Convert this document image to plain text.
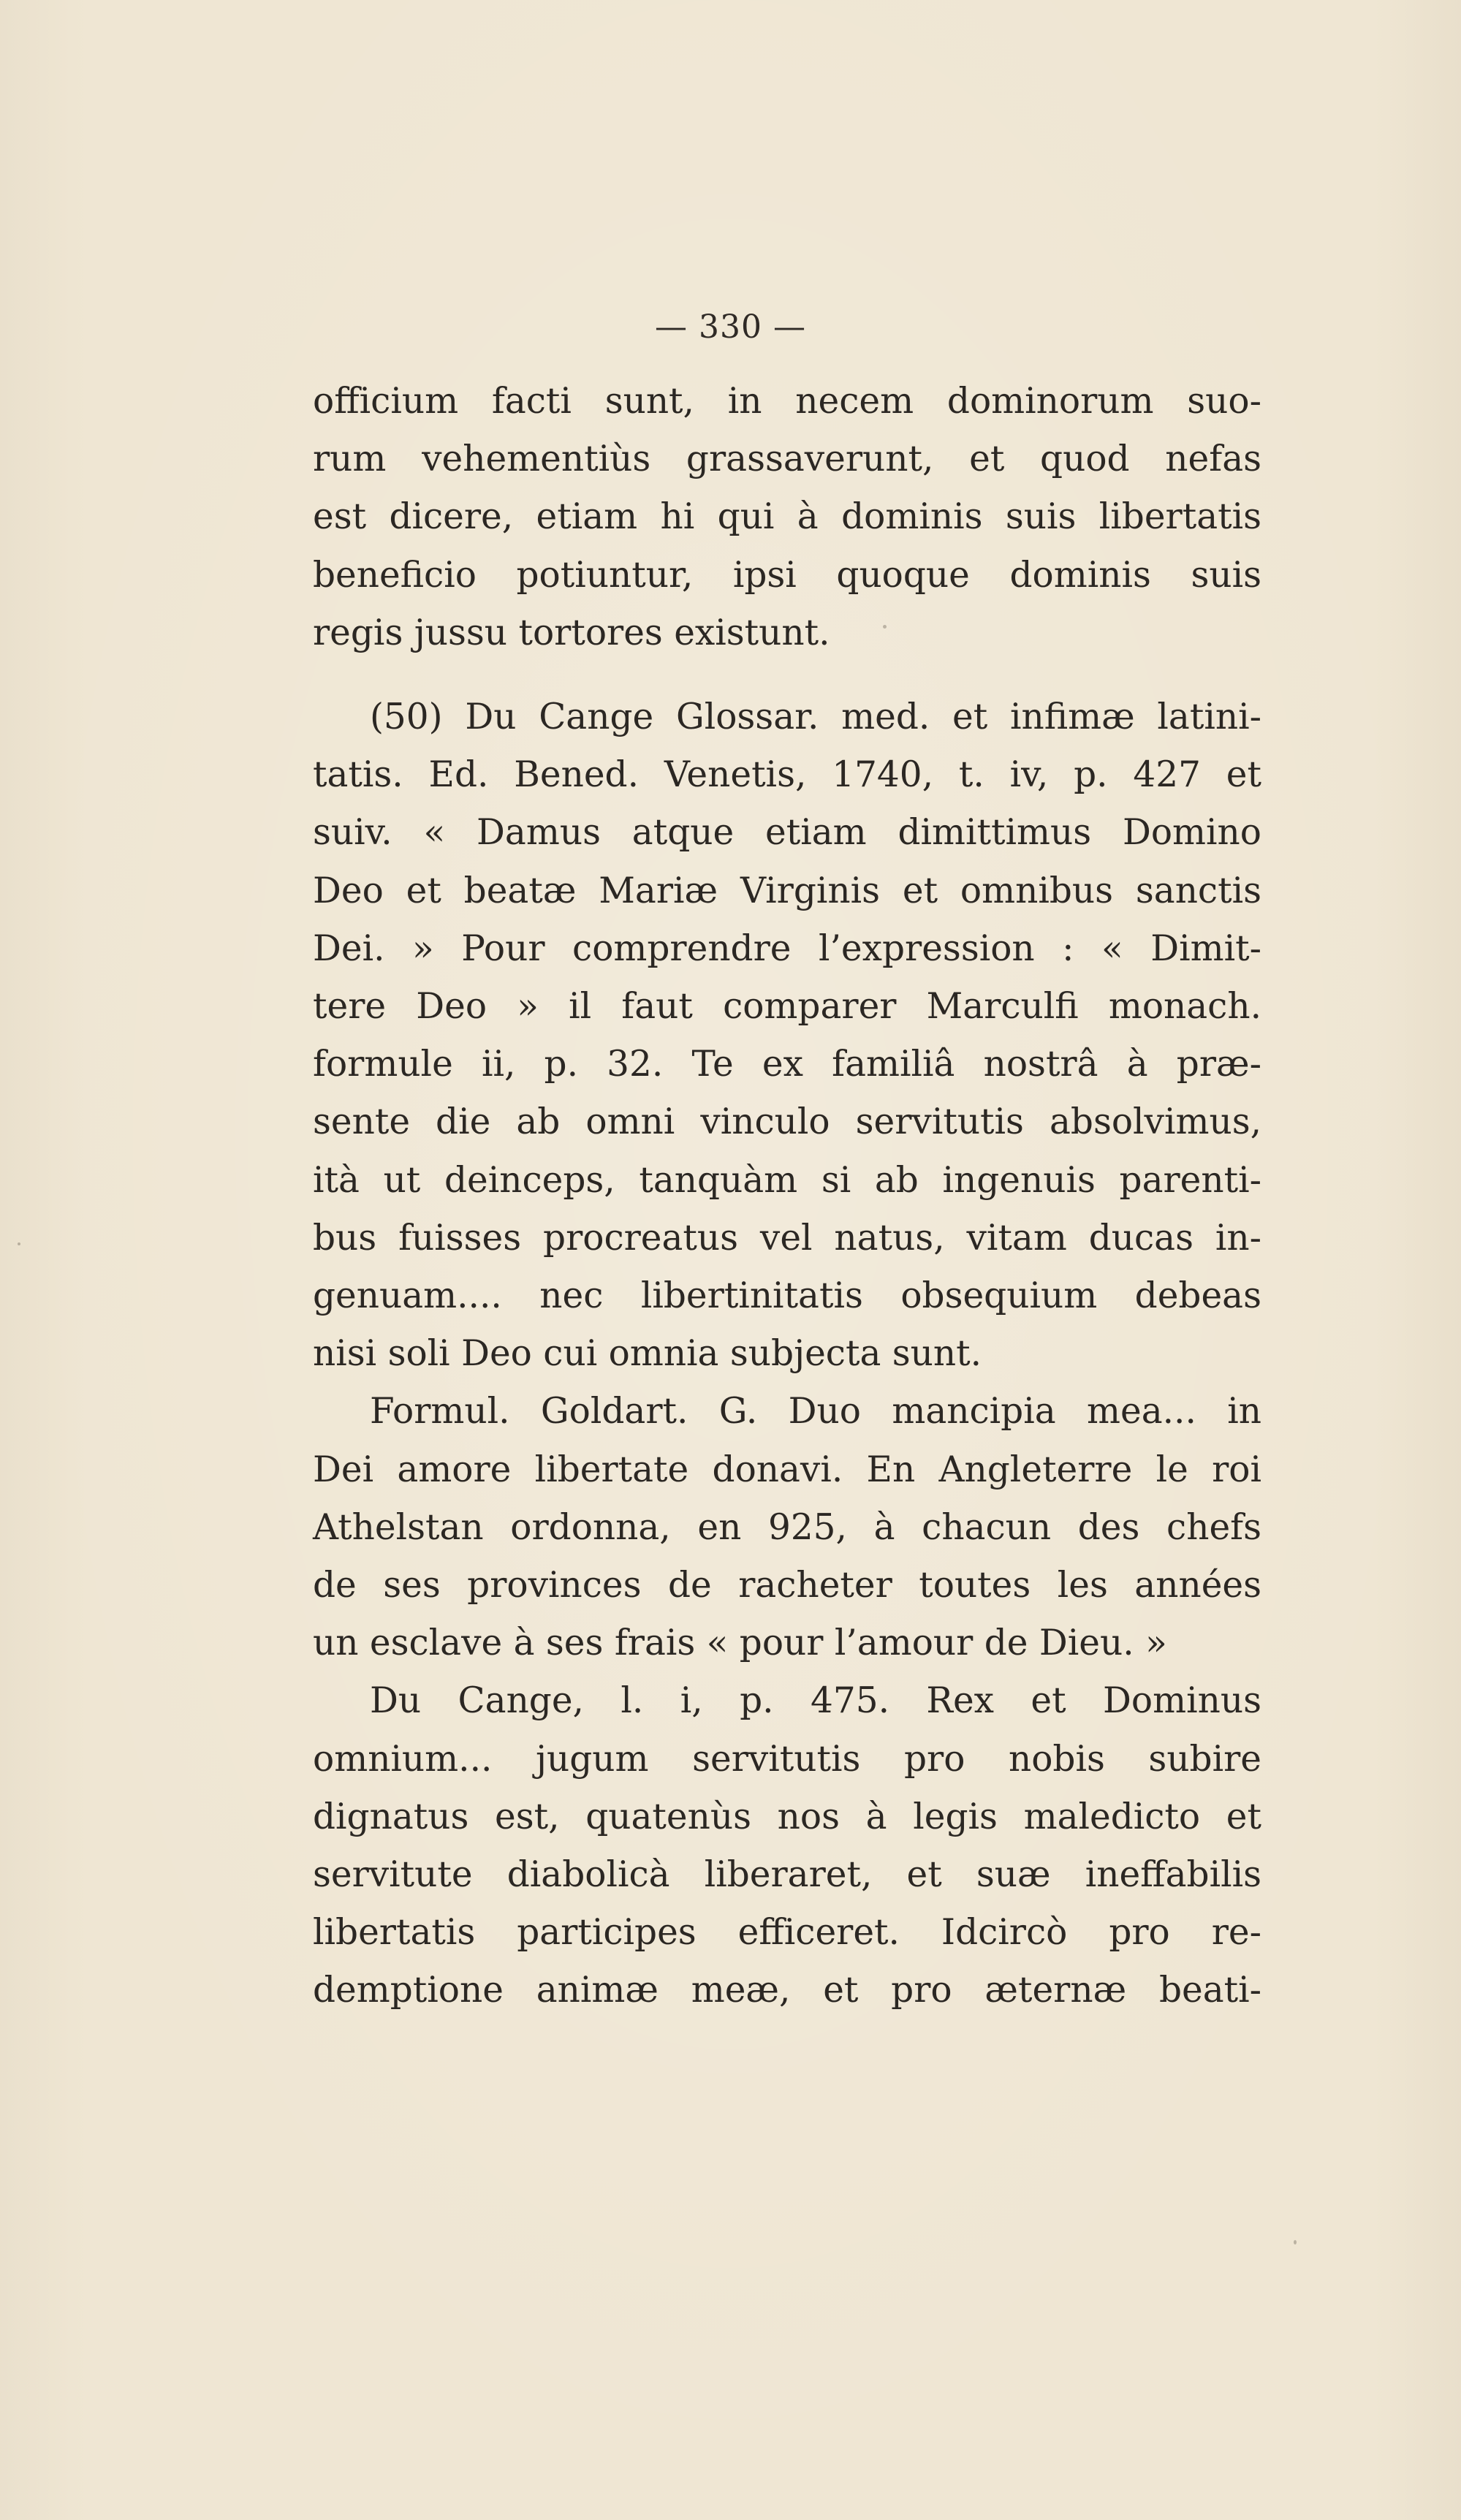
— 330 —

officium facti sunt, in necem dominorum suo-
rum vehementiùs grassaverunt, et quod nefas
est dicere, etiam hi qui à dominis suis libertatis
beneficio potiuntur, ipsi quoque dominis suis
regis jussu tortores existunt.

(50) Du Cange Glossar. med. et infimæ latini-
tatis. Ed. Bened. Venetis, 1740, t. iv, p. 427 et
suiv. « Damus atque etiam dimittimus Domino
Deo et beatæ Mariæ Virginis et omnibus sanctis
Dei. » Pour comprendre l’expression : « Dimit-
tere Deo » il faut comparer Marculfi monach.
formule ii, p. 32. Te ex familiâ nostrâ à præ-
sente die ab omni vinculo servitutis absolvimus,
ità ut deinceps, tanquàm si ab ingenuis parenti-
bus fuisses procreatus vel natus, vitam ducas in-
genuam.... nec libertinitatis obsequium debeas
nisi soli Deo cui omnia subjecta sunt.

Formul. Goldart. G. Duo mancipia mea... in
Dei amore libertate donavi. En Angleterre le roi
Athelstan ordonna, en 925, à chacun des chefs
de ses provinces de racheter toutes les années
un esclave à ses frais « pour l’amour de Dieu. »

Du Cange, l. i, p. 475. Rex et Dominus
omnium... jugum servitutis pro nobis subire
dignatus est, quatenùs nos à legis maledicto et
servitute diabolicà liberaret, et suæ ineffabilis
libertatis participes efficeret. Idcircò pro re-
demptione animæ meæ, et pro æternæ beati-
